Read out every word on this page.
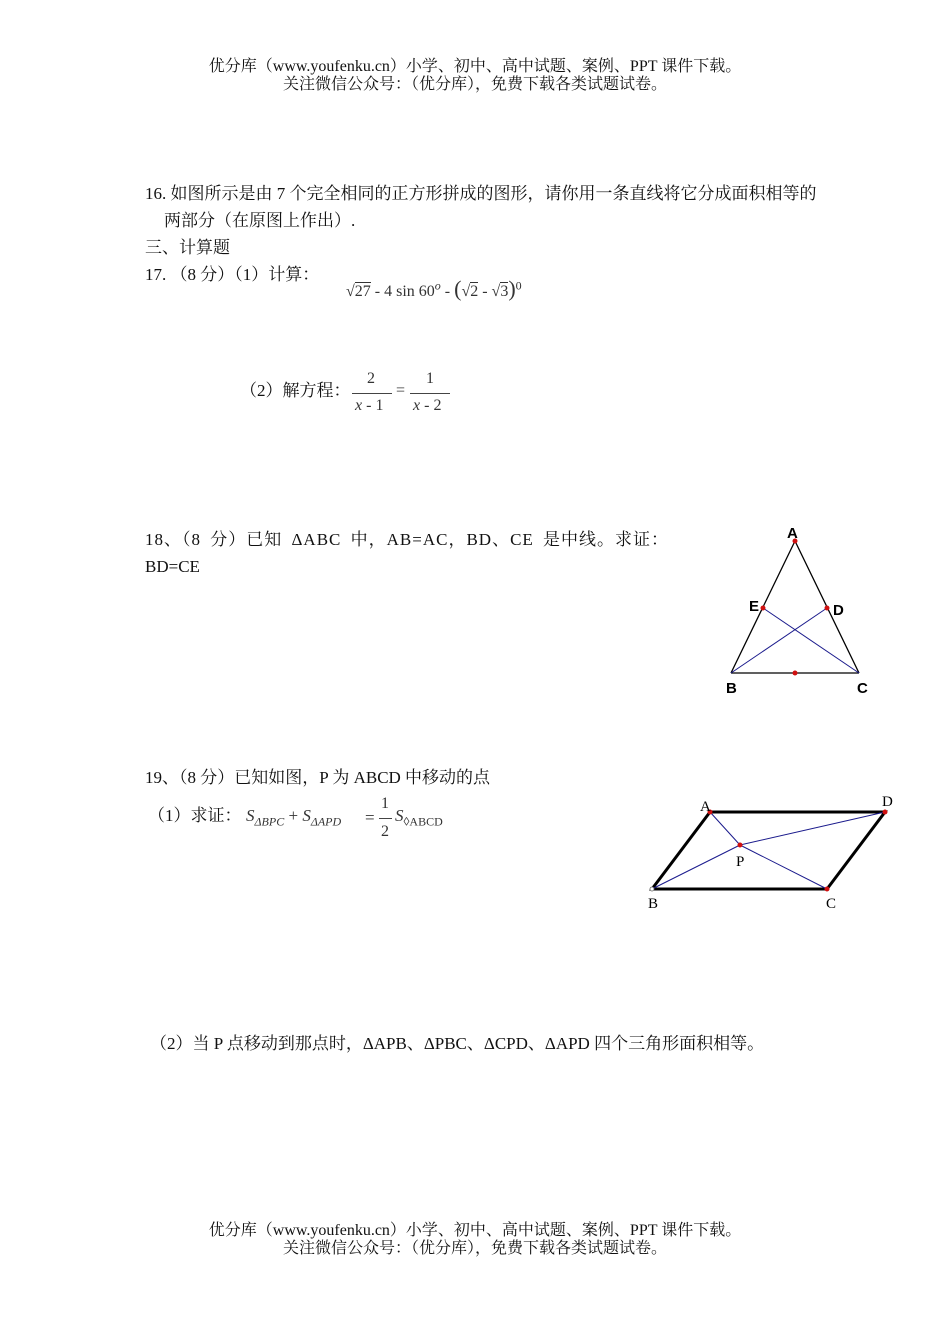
优分库（www.youfenku.cn）小学、初中、高中试题、案例、PPT 课件下载。
关注微信公众号：（优分库），免费下载各类试题试卷。
16. 如图所示是由 7 个完全相同的正方形拼成的图形，请你用一条直线将它分成面积相等的
两部分（在原图上作出）.
三、计算题
17. （8 分）（1）计算：
√27 - 4 sin 60$^o$ - (√2 - √3)$^0$
（2）解方程：
2
x - 1
=
1
x - 2
18、（8 分）已知 ΔABC 中，AB=AC，BD、CE 是中线。求证：
BD=CE
A
E	D
B	C
19、（8 分）已知如图，P 为 ABCD 中移动的点
（1）求证： $S_{\Delta BPC} + S_{\Delta APD}$ =
1
2
$S_{◊ABCD}$
A	D
P
B	C
（2）当 P 点移动到那点时，ΔAPB、ΔPBC、ΔCPD、ΔAPD 四个三角形面积相等。
优分库（www.youfenku.cn）小学、初中、高中试题、案例、PPT 课件下载。
关注微信公众号：（优分库），免费下载各类试题试卷。
